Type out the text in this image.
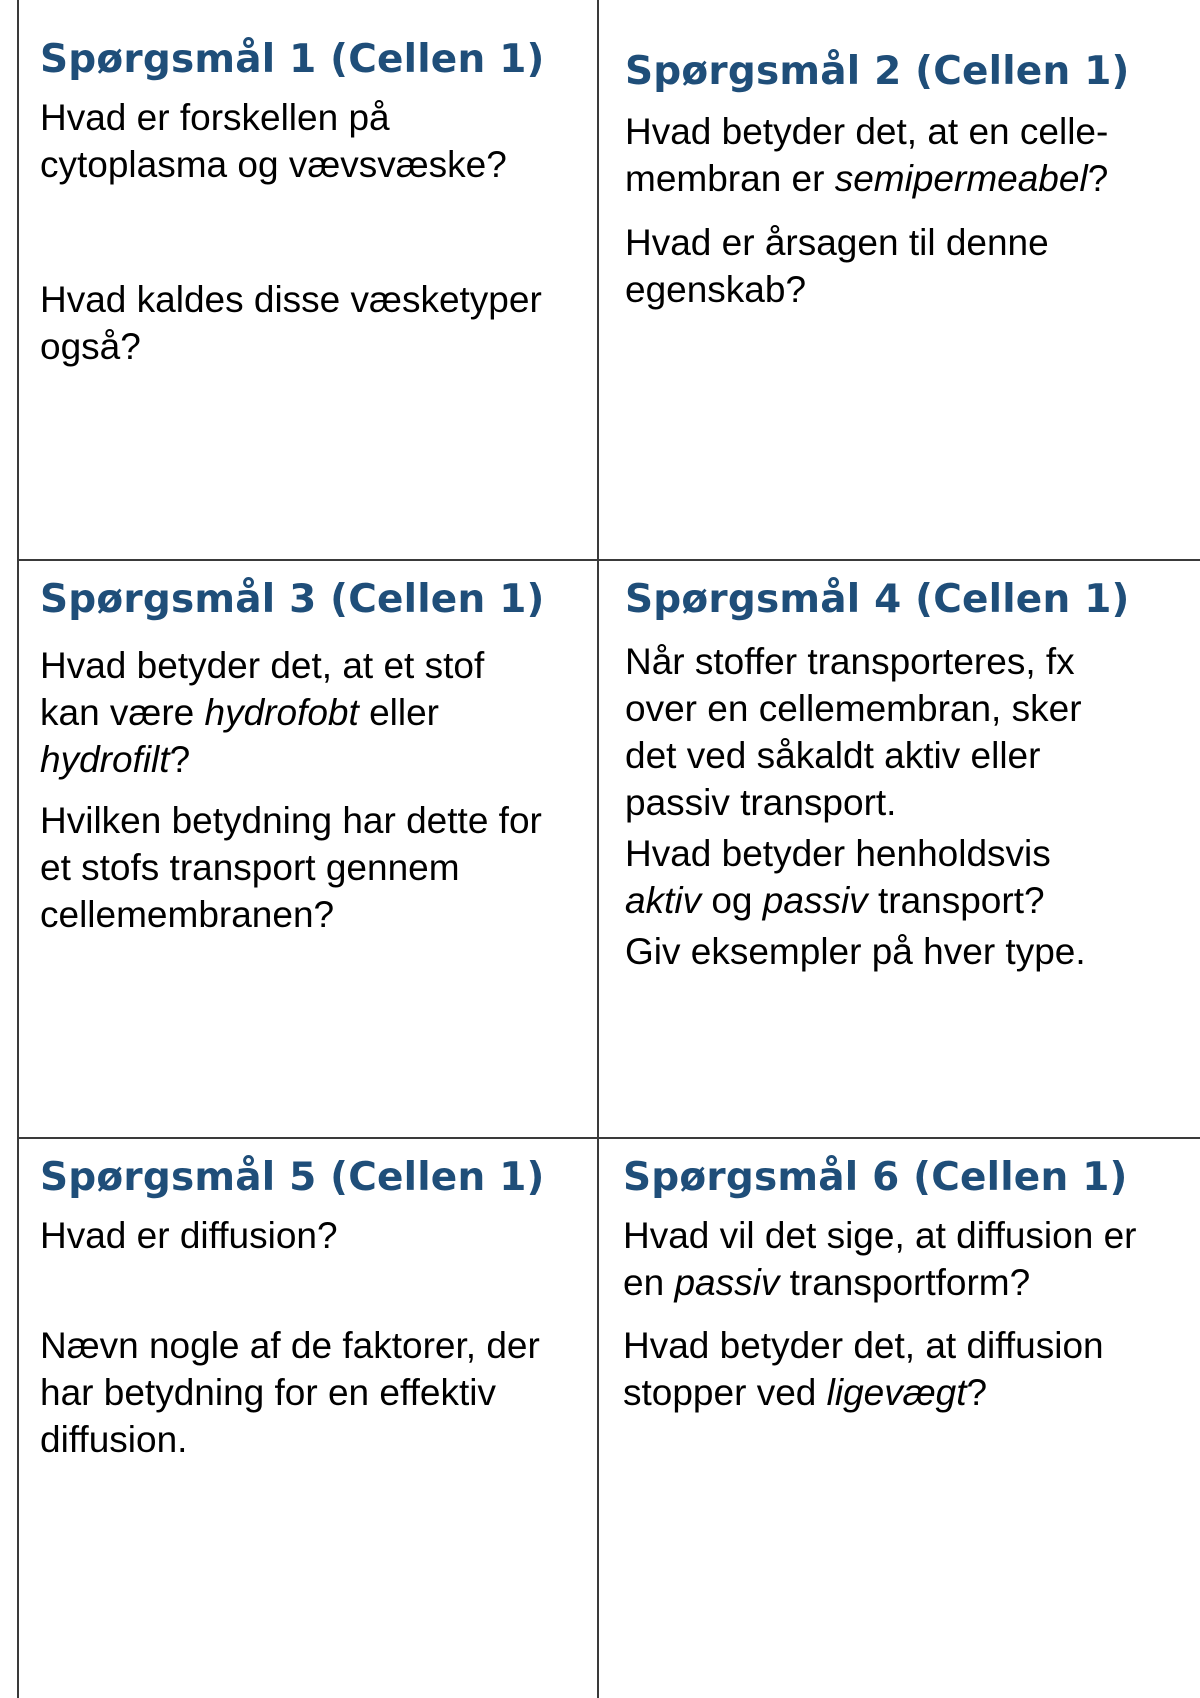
Spørgsmål 1 (Cellen 1)

Hvad er forskellen på
cytoplasma og vævsvæske?

Hvad kaldes disse væsketyper
også?

Spørgsmål 2 (Cellen 1)

Hvad betyder det, at en celle-
membran er semipermeabel?

Hvad er årsagen til denne
egenskab?

Spørgsmål 3 (Cellen 1)

Hvad betyder det, at et stof
kan være hydrofobt eller
hydrofilt?

Hvilken betydning har dette for
et stofs transport gennem
cellemembranen?

Spørgsmål 4 (Cellen 1)

Når stoffer transporteres, fx
over en cellemembran, sker
det ved såkaldt aktiv eller
passiv transport.

Hvad betyder henholdsvis
aktiv og passiv transport?

Giv eksempler på hver type.

Spørgsmål 5 (Cellen 1)

Hvad er diffusion?

Nævn nogle af de faktorer, der
har betydning for en effektiv
diffusion.

Spørgsmål 6 (Cellen 1)

Hvad vil det sige, at diffusion er
en passiv transportform?

Hvad betyder det, at diffusion
stopper ved ligevægt?
